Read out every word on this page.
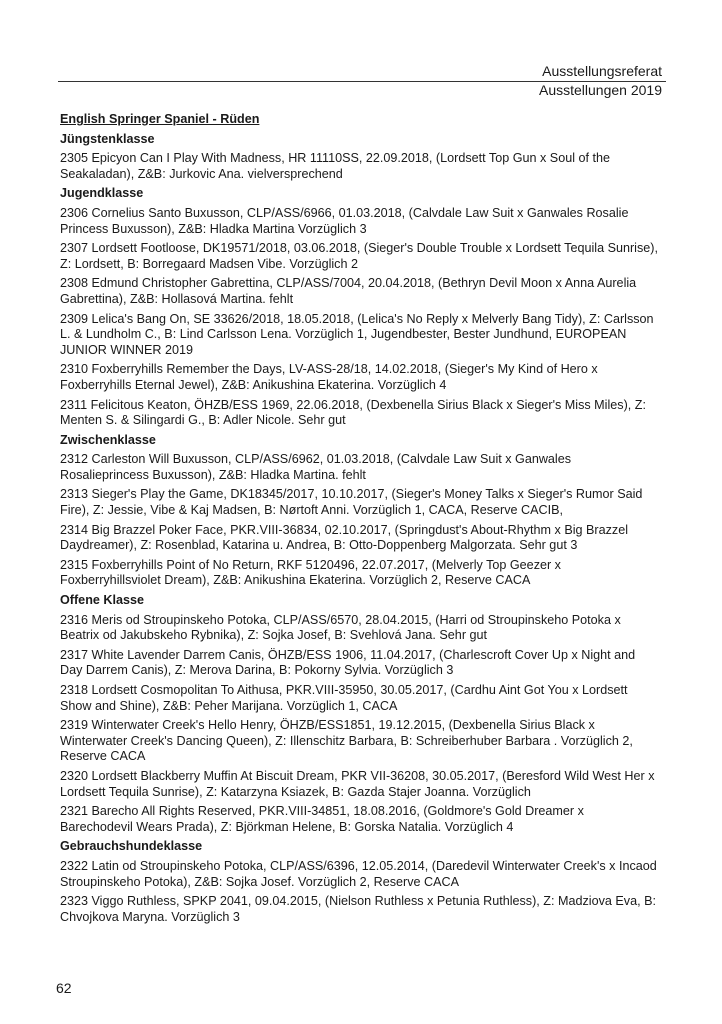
Ausstellungsreferat
Ausstellungen 2019
English Springer Spaniel - Rüden
Jüngstenklasse
2305 Epicyon Can I Play With Madness, HR 11110SS, 22.09.2018, (Lordsett Top Gun x Soul of the Seakaladan), Z&B: Jurkovic Ana. vielversprechend
Jugendklasse
2306 Cornelius Santo Buxusson, CLP/ASS/6966, 01.03.2018, (Calvdale Law Suit x Ganwales Rosalie Princess Buxusson), Z&B: Hladka Martina Vorzüglich 3
2307 Lordsett Footloose, DK19571/2018, 03.06.2018, (Sieger's Double Trouble x Lordsett Tequila Sunrise), Z: Lordsett, B: Borregaard Madsen Vibe. Vorzüglich 2
2308 Edmund Christopher Gabrettina, CLP/ASS/7004, 20.04.2018, (Bethryn Devil Moon x Anna Aurelia Gabrettina), Z&B: Hollasová Martina. fehlt
2309 Lelica's Bang On, SE 33626/2018, 18.05.2018, (Lelica's No Reply x Melverly Bang Tidy), Z: Carlsson L. & Lundholm C., B: Lind Carlsson Lena. Vorzüglich 1, Jugendbester, Bester Jundhund, EUROPEAN JUNIOR WINNER 2019
2310 Foxberryhills Remember the Days, LV-ASS-28/18, 14.02.2018, (Sieger's My Kind of Hero x Foxberryhills Eternal Jewel), Z&B: Anikushina Ekaterina. Vorzüglich 4
2311 Felicitous Keaton, ÖHZB/ESS 1969, 22.06.2018, (Dexbenella Sirius Black x Sieger's Miss Miles), Z: Menten S. & Silingardi G., B: Adler Nicole. Sehr gut
Zwischenklasse
2312 Carleston Will Buxusson, CLP/ASS/6962, 01.03.2018, (Calvdale Law Suit x Ganwales Rosalieprincess Buxusson), Z&B: Hladka Martina. fehlt
2313 Sieger's Play the Game, DK18345/2017, 10.10.2017, (Sieger's Money Talks x Sieger's Rumor Said Fire), Z: Jessie, Vibe & Kaj Madsen, B: Nørtoft Anni. Vorzüglich 1, CACA, Reserve CACIB,
2314 Big Brazzel Poker Face, PKR.VIII-36834, 02.10.2017, (Springdust's About-Rhythm x Big Brazzel Daydreamer), Z: Rosenblad, Katarina u. Andrea, B: Otto-Doppenberg Malgorzata. Sehr gut 3
2315 Foxberryhills Point of No Return, RKF 5120496, 22.07.2017, (Melverly Top Geezer x Foxberryhillsviolet Dream), Z&B: Anikushina Ekaterina. Vorzüglich 2, Reserve CACA
Offene Klasse
2316 Meris od Stroupinskeho Potoka, CLP/ASS/6570, 28.04.2015, (Harri od Stroupinskeho Potoka x Beatrix od Jakubskeho Rybnika), Z: Sojka Josef, B: Svehlová Jana. Sehr gut
2317 White Lavender Darrem Canis, ÖHZB/ESS 1906, 11.04.2017, (Charlescroft Cover Up x Night and Day Darrem Canis), Z: Merova Darina, B: Pokorny Sylvia. Vorzüglich 3
2318 Lordsett Cosmopolitan To Aithusa, PKR.VIII-35950, 30.05.2017, (Cardhu Aint Got You x Lordsett Show and Shine), Z&B: Peher Marijana. Vorzüglich 1, CACA
2319 Winterwater Creek's Hello Henry, ÖHZB/ESS1851, 19.12.2015, (Dexbenella Sirius Black x Winterwater Creek's Dancing Queen), Z: Illenschitz Barbara, B: Schreiberhuber Barbara . Vorzüglich 2, Reserve CACA
2320 Lordsett Blackberry Muffin At Biscuit Dream, PKR VII-36208, 30.05.2017, (Beresford Wild West Her x Lordsett Tequila Sunrise), Z: Katarzyna Ksiazek, B: Gazda Stajer Joanna. Vorzüglich
2321 Barecho All Rights Reserved, PKR.VIII-34851, 18.08.2016, (Goldmore's Gold Dreamer x Barechodevil Wears Prada), Z: Björkman Helene, B: Gorska Natalia. Vorzüglich 4
Gebrauchshundeklasse
2322 Latin od Stroupinskeho Potoka, CLP/ASS/6396, 12.05.2014, (Daredevil Winterwater Creek's x Incaod Stroupinskeho Potoka), Z&B: Sojka Josef. Vorzüglich 2, Reserve CACA
2323 Viggo Ruthless, SPKP 2041, 09.04.2015, (Nielson Ruthless x Petunia Ruthless), Z: Madziova Eva, B: Chvojkova Maryna. Vorzüglich 3
62
